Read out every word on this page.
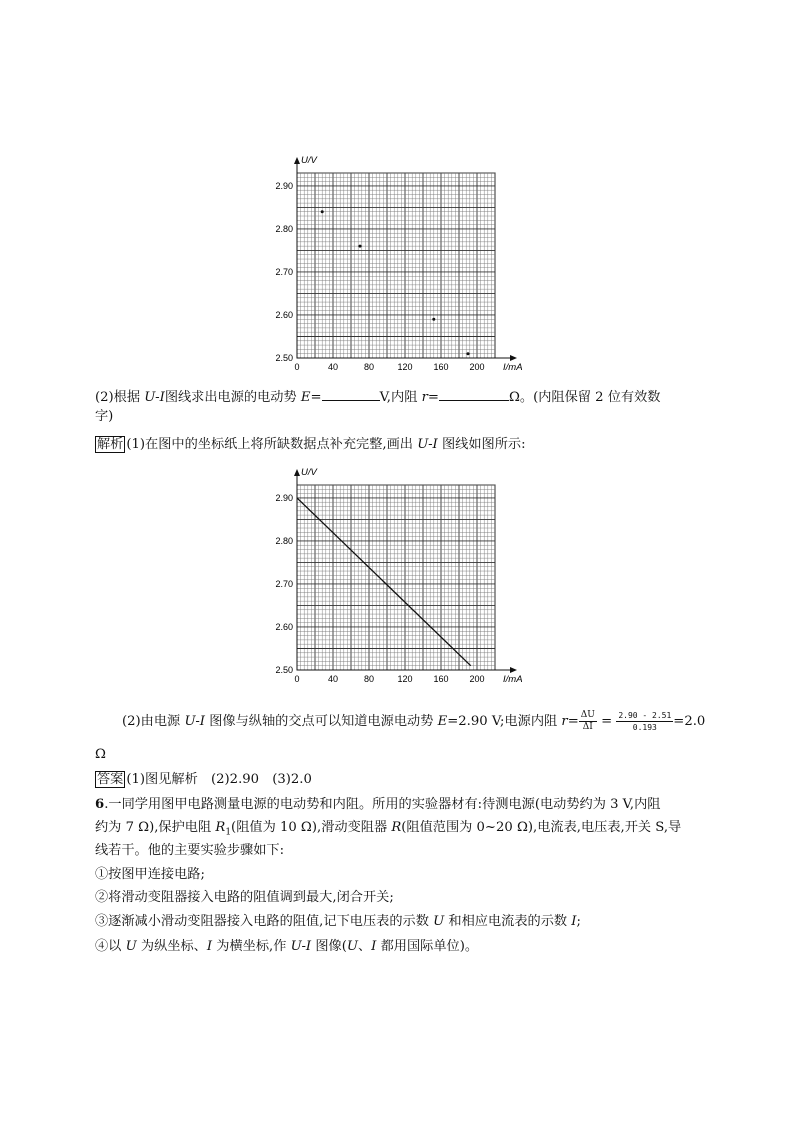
U/V
I/mA
0	40	80	120 160 200
2.50
2.60
2.70
2.80
2.90
(2)根据 U-I图线求出电源的电动势 E=	V,内阻 r=	Ω。(内阻保留 2 位有效数
字)
解析 (1)在图中的坐标纸上将所缺数据点补充完整,画出 U-I 图线如图所示:
U/V
I/mA
0	40	80	120 160 200
2.50
2.60
2.70
2.80
2.90
(2)由电源 U-I 图像与纵轴的交点可以知道电源电动势 E=2.90 V;电源内阻 $r= \frac{\Delta U}{\Delta I} = \frac{2.90 - 2.51}{0.193} =2.0$
Ω
答案 (1)图见解析　(2)2.90　(3)2.0
6.一同学用图甲电路测量电源的电动势和内阻。所用的实验器材有:待测电源(电动势约为 3 V,内阻
约为 7 Ω),保护电阻 $R_1$(阻值为 10 Ω),滑动变阻器 R(阻值范围为 0~20 Ω),电流表,电压表,开关 S,导
线若干。他的主要实验步骤如下:
①按图甲连接电路;
②将滑动变阻器接入电路的阻值调到最大,闭合开关;
③逐渐减小滑动变阻器接入电路的阻值,记下电压表的示数 U 和相应电流表的示数 I;
④以 U 为纵坐标、I 为横坐标,作 U-I 图像(U、I 都用国际单位)。
